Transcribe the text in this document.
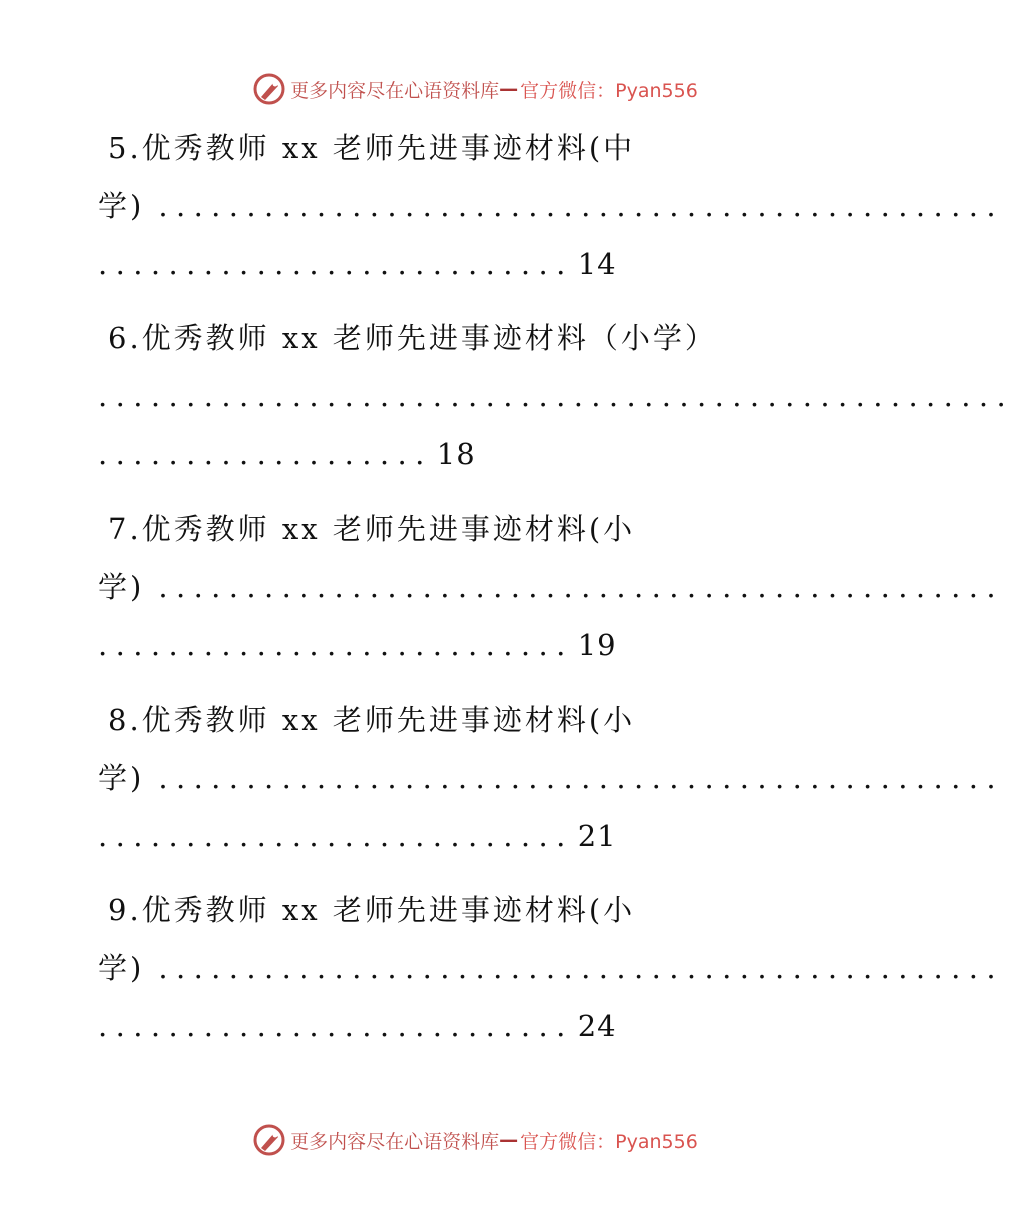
更多内容尽在心语资料库 — 官方微信：Pyan556
5.优秀教师 xx 老师先进事迹材料(中
学) ................................................
........................... 14
6.优秀教师 xx 老师先进事迹材料（小学）
....................................................
................... 18
7.优秀教师 xx 老师先进事迹材料(小
学) ................................................
........................... 19
8.优秀教师 xx 老师先进事迹材料(小
学) ................................................
........................... 21
9.优秀教师 xx 老师先进事迹材料(小
学) ................................................
........................... 24
更多内容尽在心语资料库 — 官方微信：Pyan556
